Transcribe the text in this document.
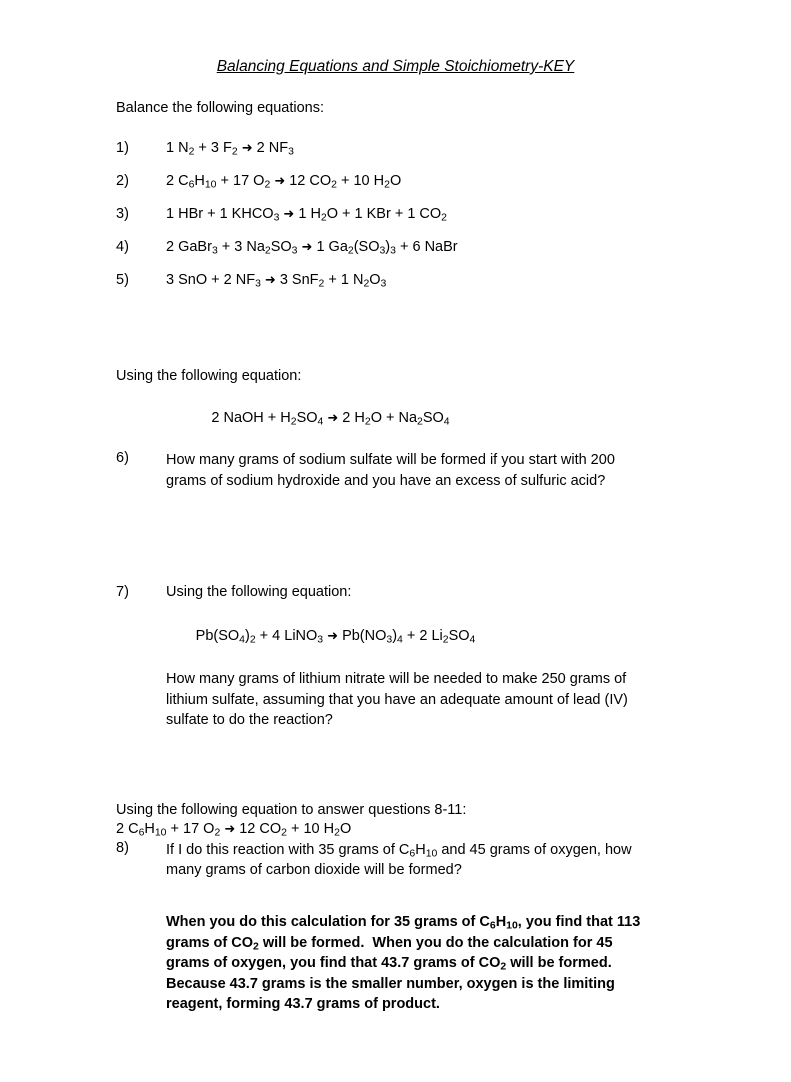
Balancing Equations and Simple Stoichiometry-KEY

Balance the following equations:

1)	1 $N_2 + 3$ $F_2$ ➜ 2 $NF_3$
2)	2 $C_6H_{10} + 17$ $O_2$ ➜ 12 $CO_2 + 10$ $H_2O$
3)	1 HBr + 1 $KHCO_3$ ➜ 1 $H_2O + 1$ KBr + 1 $CO_2$
4)	2 GaBr$_3$ + 3 $Na_2SO_3$ ➜ 1 $Ga_2(SO_3)_3 + 6$ NaBr
5)	3 SnO + 2 $NF_3$ ➜ 3 SnF$_2$ + 1 $N_2O_3$

Using the following equation:

2 NaOH + $H_2SO_4$ ➜ 2 $H_2O + Na_2SO_4$

6)	How many grams of sodium sulfate will be formed if you start with 200
grams of sodium hydroxide and you have an excess of sulfuric acid?
7)	Using the following equation:

$Pb(SO_4)_2 + 4$ LiNO$_3$ ➜ $Pb(NO_3)_4 + 2$ $Li_2SO_4$

How many grams of lithium nitrate will be needed to make 250 grams of
lithium sulfate, assuming that you have an adequate amount of lead (IV)
sulfate to do the reaction?

Using the following equation to answer questions 8-11:

2 $C_6H_{10} + 17$ $O_2$ ➜ 12 $CO_2 + 10$ $H_2O$

8)	If I do this reaction with 35 grams of $C_6H_{10}$ and 45 grams of oxygen, how
many grams of carbon dioxide will be formed?

When you do this calculation for 35 grams of $C_6H_{10}$, you find that 113
grams of $CO_2$ will be formed.  When you do the calculation for 45
grams of oxygen, you find that 43.7 grams of $CO_2$ will be formed.
Because 43.7 grams is the smaller number, oxygen is the limiting
reagent, forming 43.7 grams of product.
